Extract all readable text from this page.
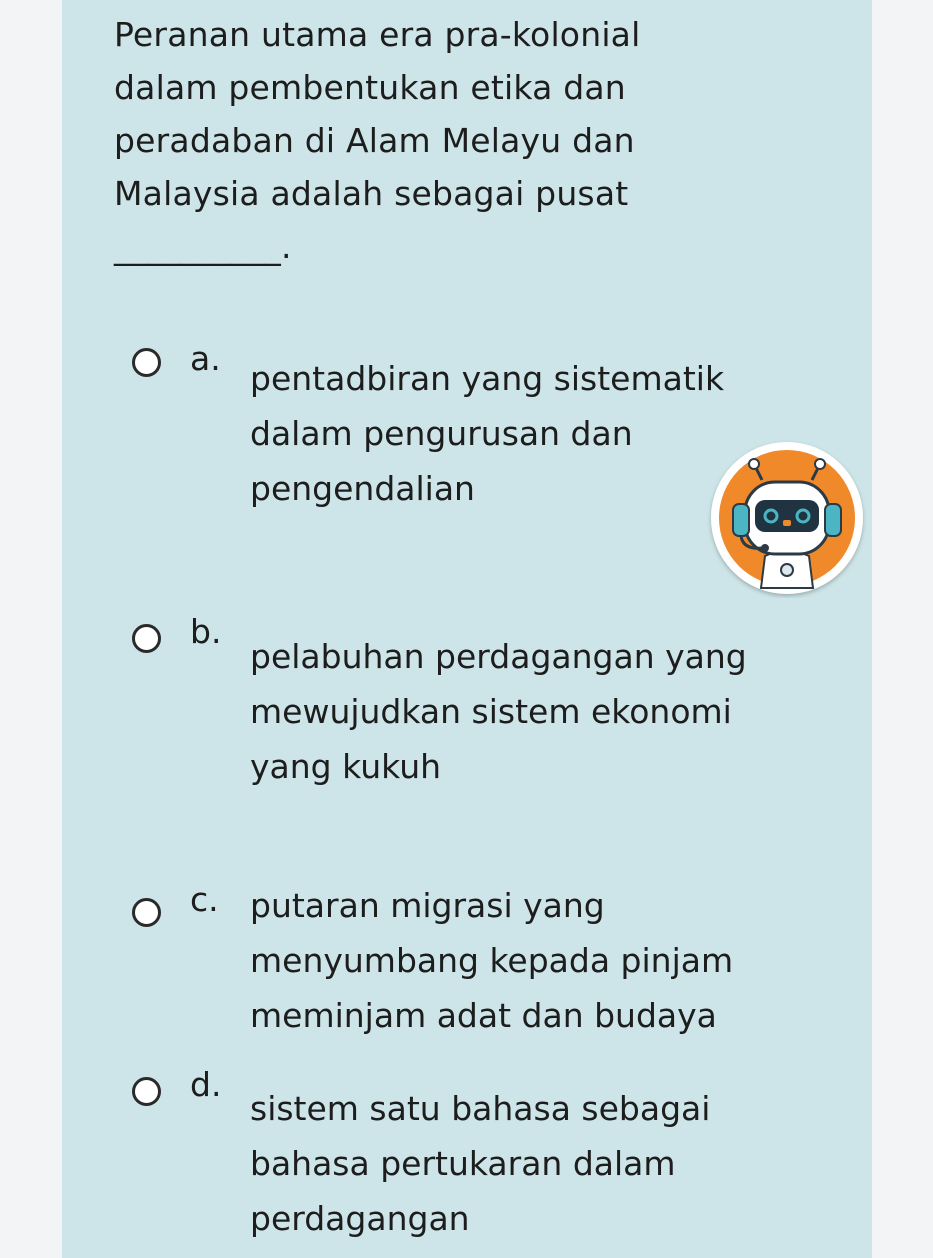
Peranan utama era pra-kolonial dalam pembentukan etika dan peradaban di Alam Melayu dan Malaysia adalah sebagai pusat
__________.

a.
pentadbiran yang sistematik dalam pengurusan dan pengendalian
b.
pelabuhan perdagangan yang mewujudkan sistem ekonomi yang kukuh
c. putaran migrasi yang menyumbang kepada pinjam meminjam adat dan budaya
d.
sistem satu bahasa sebagai bahasa pertukaran dalam perdagangan
